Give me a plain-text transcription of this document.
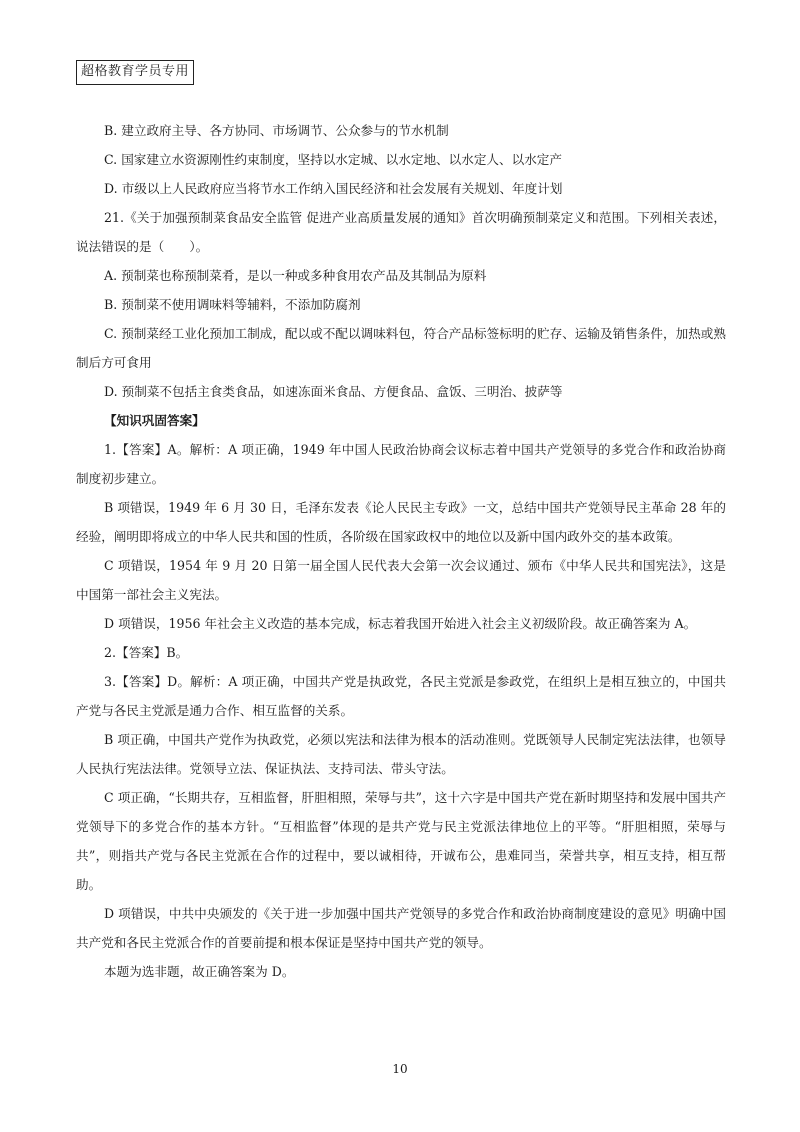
超格教育学员专用

B. 建立政府主导、各方协同、市场调节、公众参与的节水机制

C. 国家建立水资源刚性约束制度，坚持以水定城、以水定地、以水定人、以水定产

D. 市级以上人民政府应当将节水工作纳入国民经济和社会发展有关规划、年度计划

21.《关于加强预制菜食品安全监管 促进产业高质量发展的通知》首次明确预制菜定义和范围。下列相关表述，说法错误的是（　　）。

A. 预制菜也称预制菜肴，是以一种或多种食用农产品及其制品为原料

B. 预制菜不使用调味料等辅料，不添加防腐剂

C. 预制菜经工业化预加工制成，配以或不配以调味料包，符合产品标签标明的贮存、运输及销售条件，加热或熟制后方可食用

D. 预制菜不包括主食类食品，如速冻面米食品、方便食品、盒饭、三明治、披萨等

【知识巩固答案】

1.【答案】A。解析：A 项正确，1949 年中国人民政治协商会议标志着中国共产党领导的多党合作和政治协商制度初步建立。

B 项错误，1949 年 6 月 30 日，毛泽东发表《论人民民主专政》一文，总结中国共产党领导民主革命 28 年的经验，阐明即将成立的中华人民共和国的性质，各阶级在国家政权中的地位以及新中国内政外交的基本政策。

C 项错误，1954 年 9 月 20 日第一届全国人民代表大会第一次会议通过、颁布《中华人民共和国宪法》，这是中国第一部社会主义宪法。

D 项错误，1956 年社会主义改造的基本完成，标志着我国开始进入社会主义初级阶段。故正确答案为 A。

2.【答案】B。

3.【答案】D。解析：A 项正确，中国共产党是执政党，各民主党派是参政党，在组织上是相互独立的，中国共产党与各民主党派是通力合作、相互监督的关系。

B 项正确，中国共产党作为执政党，必须以宪法和法律为根本的活动准则。党既领导人民制定宪法法律，也领导人民执行宪法法律。党领导立法、保证执法、支持司法、带头守法。

C 项正确，“长期共存，互相监督，肝胆相照，荣辱与共”，这十六字是中国共产党在新时期坚持和发展中国共产党领导下的多党合作的基本方针。“互相监督”体现的是共产党与民主党派法律地位上的平等。“肝胆相照，荣辱与共”，则指共产党与各民主党派在合作的过程中，要以诚相待，开诚布公，患难同当，荣誉共享，相互支持，相互帮助。

D 项错误，中共中央颁发的《关于进一步加强中国共产党领导的多党合作和政治协商制度建设的意见》明确中国共产党和各民主党派合作的首要前提和根本保证是坚持中国共产党的领导。

本题为选非题，故正确答案为 D。

10
